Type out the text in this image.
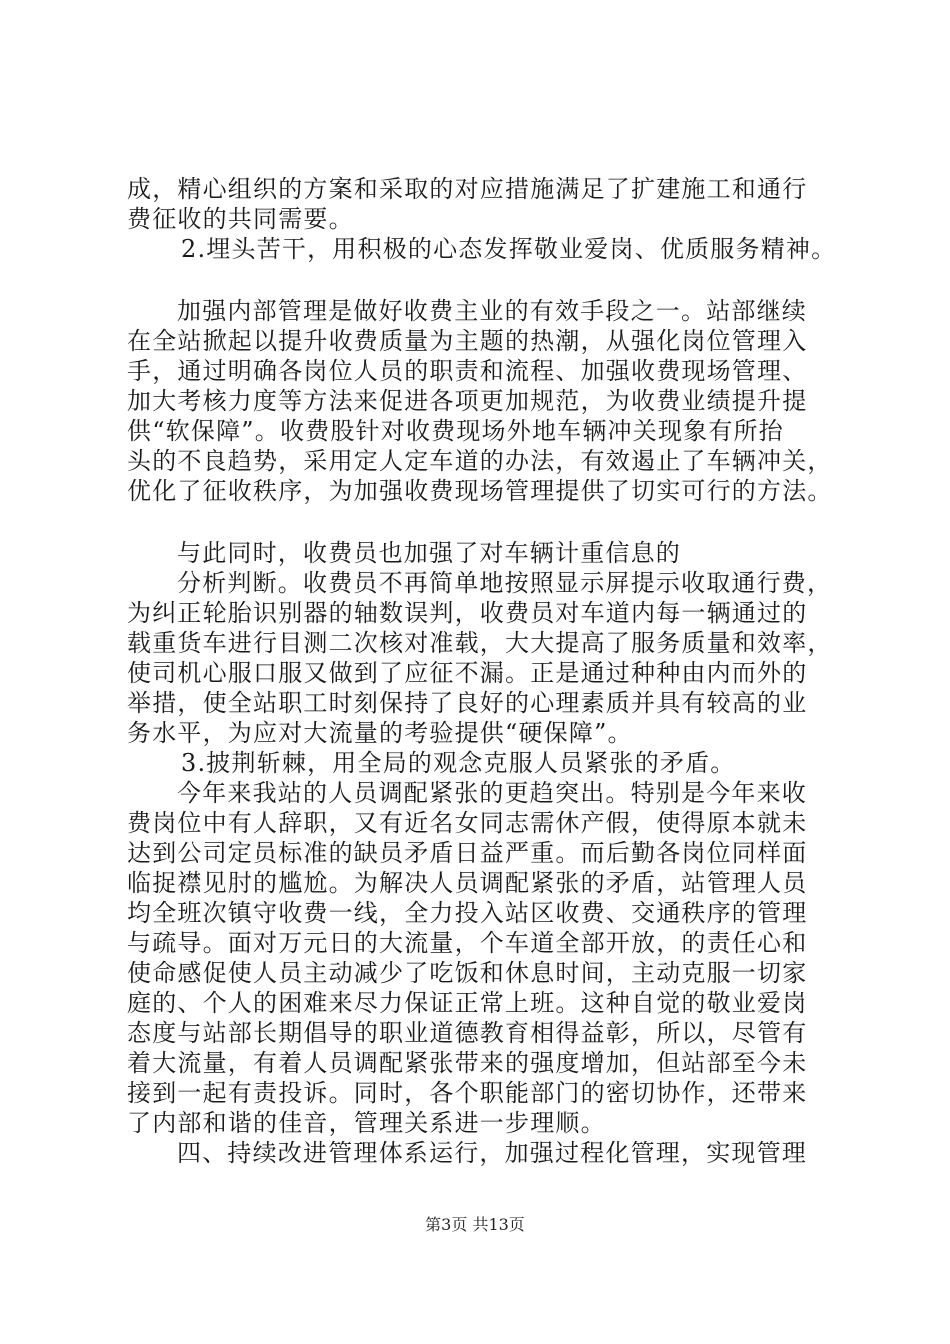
成，精心组织的方案和采取的对应措施满足了扩建施工和通行
费征收的共同需要。
2.埋头苦干，用积极的心态发挥敬业爱岗、优质服务精神。
加强内部管理是做好收费主业的有效手段之一。站部继续
在全站掀起以提升收费质量为主题的热潮，从强化岗位管理入
手，通过明确各岗位人员的职责和流程、加强收费现场管理、
加大考核力度等方法来促进各项更加规范，为收费业绩提升提
供“软保障”。收费股针对收费现场外地车辆冲关现象有所抬
头的不良趋势，采用定人定车道的办法，有效遏止了车辆冲关，
优化了征收秩序，为加强收费现场管理提供了切实可行的方法。
与此同时，收费员也加强了对车辆计重信息的
分析判断。收费员不再简单地按照显示屏提示收取通行费，
为纠正轮胎识别器的轴数误判，收费员对车道内每一辆通过的
载重货车进行目测二次核对准载，大大提高了服务质量和效率，
使司机心服口服又做到了应征不漏。正是通过种种由内而外的
举措，使全站职工时刻保持了良好的心理素质并具有较高的业
务水平，为应对大流量的考验提供“硬保障”。
3.披荆斩棘，用全局的观念克服人员紧张的矛盾。
今年来我站的人员调配紧张的更趋突出。特别是今年来收
费岗位中有人辞职，又有近名女同志需休产假，使得原本就未
达到公司定员标准的缺员矛盾日益严重。而后勤各岗位同样面
临捉襟见肘的尴尬。为解决人员调配紧张的矛盾，站管理人员
均全班次镇守收费一线，全力投入站区收费、交通秩序的管理
与疏导。面对万元日的大流量，个车道全部开放，的责任心和
使命感促使人员主动减少了吃饭和休息时间，主动克服一切家
庭的、个人的困难来尽力保证正常上班。这种自觉的敬业爱岗
态度与站部长期倡导的职业道德教育相得益彰，所以，尽管有
着大流量，有着人员调配紧张带来的强度增加，但站部至今未
接到一起有责投诉。同时，各个职能部门的密切协作，还带来
了内部和谐的佳音，管理关系进一步理顺。
四、持续改进管理体系运行，加强过程化管理，实现管理
第3页 共13页
